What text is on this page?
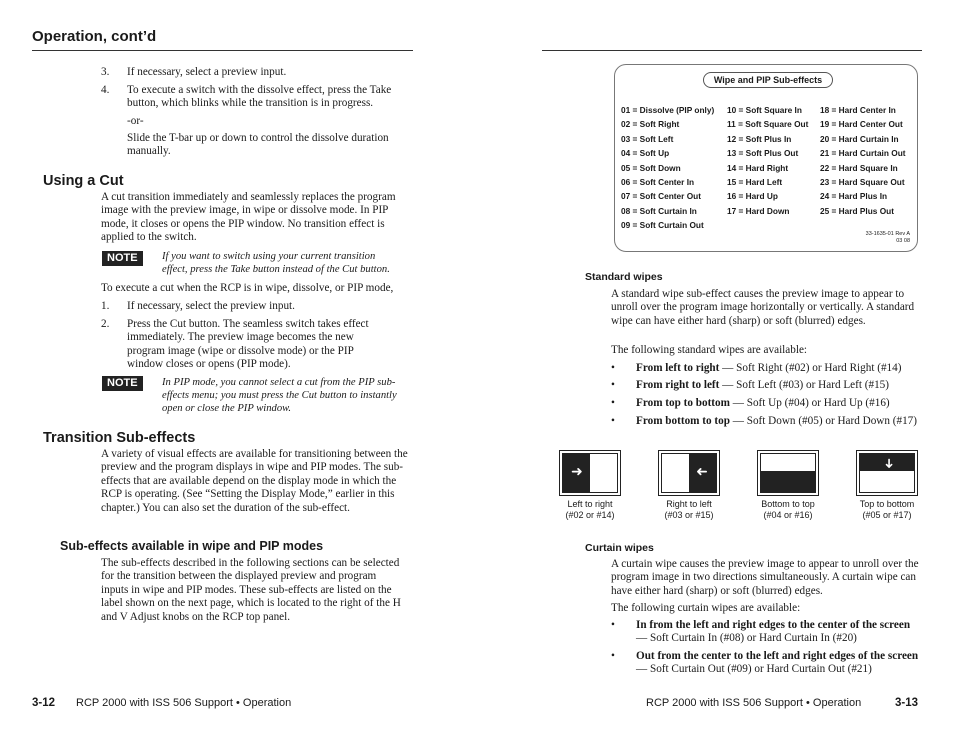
Operation, cont’d
3.	If necessary, select a preview input.
4.	To execute a switch with the dissolve effect, press the Take button, which blinks while the transition is in progress.
-or-
Slide the T-bar up or down to control the dissolve duration manually.
Using a Cut
A cut transition immediately and seamlessly replaces the program image with the preview image, in wipe or dissolve mode. In PIP mode, it closes or opens the PIP window. No transition effect is applied to the switch.
NOTE	If you want to switch using your current transition effect, press the Take button instead of the Cut button.
To execute a cut when the RCP is in wipe, dissolve, or PIP mode,
1.	If necessary, select the preview input.
2.	Press the Cut button. The seamless switch takes effect immediately. The preview image becomes the new program image (wipe or dissolve mode) or the PIP window closes or opens (PIP mode).
NOTE	In PIP mode, you cannot select a cut from the PIP sub-effects menu; you must press the Cut button to instantly open or close the PIP window.
Transition Sub-effects
A variety of visual effects are available for transitioning between the preview and the program displays in wipe and PIP modes. The sub-effects that are available depend on the display mode in which the RCP is operating. (See “Setting the Display Mode,” earlier in this chapter.) You can also set the duration of the sub-effect.
Sub-effects available in wipe and PIP modes
The sub-effects described in the following sections can be selected for the transition between the displayed preview and program inputs in wipe and PIP modes. These sub-effects are listed on the label shown on the next page, which is located to the right of the H and V Adjust knobs on the RCP top panel.
3-12 RCP 2000 with ISS 506 Support • Operation
Wipe and PIP Sub-effects
01 = Dissolve (PIP only)
02 = Soft Right
03 = Soft Left
04 = Soft Up
05 = Soft Down
06 = Soft Center In
07 = Soft Center Out
08 = Soft Curtain In
09 = Soft Curtain Out
10 = Soft Square In
11 = Soft Square Out
12 = Soft Plus In
13 = Soft Plus Out
14 = Hard Right
15 = Hard Left
16 = Hard Up
17 = Hard Down
18 = Hard Center In
19 = Hard Center Out
20 = Hard Curtain In
21 = Hard Curtain Out
22 = Hard Square In
23 = Hard Square Out
24 = Hard Plus In
25 = Hard Plus Out
33-1635-01 Rev A
03 08
Standard wipes
A standard wipe sub-effect causes the preview image to appear to unroll over the program image horizontally or vertically. A standard wipe can have either hard (sharp) or soft (blurred) edges.
The following standard wipes are available:
• From left to right — Soft Right (#02) or Hard Right (#14)
• From right to left — Soft Left (#03) or Hard Left (#15)
• From top to bottom — Soft Up (#04) or Hard Up (#16)
• From bottom to top — Soft Down (#05) or Hard Down (#17)
➜	➜
➜	➜
Left to right
(#02 or #14)
Right to left
(#03 or #15)
Bottom to top
(#04 or #16)
Top to bottom
(#05 or #17)
Curtain wipes
A curtain wipe causes the preview image to appear to unroll over the program image in two directions simultaneously. A curtain wipe can have either hard (sharp) or soft (blurred) edges.
The following curtain wipes are available:
• In from the left and right edges to the center of the screen — Soft Curtain In (#08) or Hard Curtain In (#20)
• Out from the center to the left and right edges of the screen — Soft Curtain Out (#09) or Hard Curtain Out (#21)
RCP 2000 with ISS 506 Support • Operation	3-13
